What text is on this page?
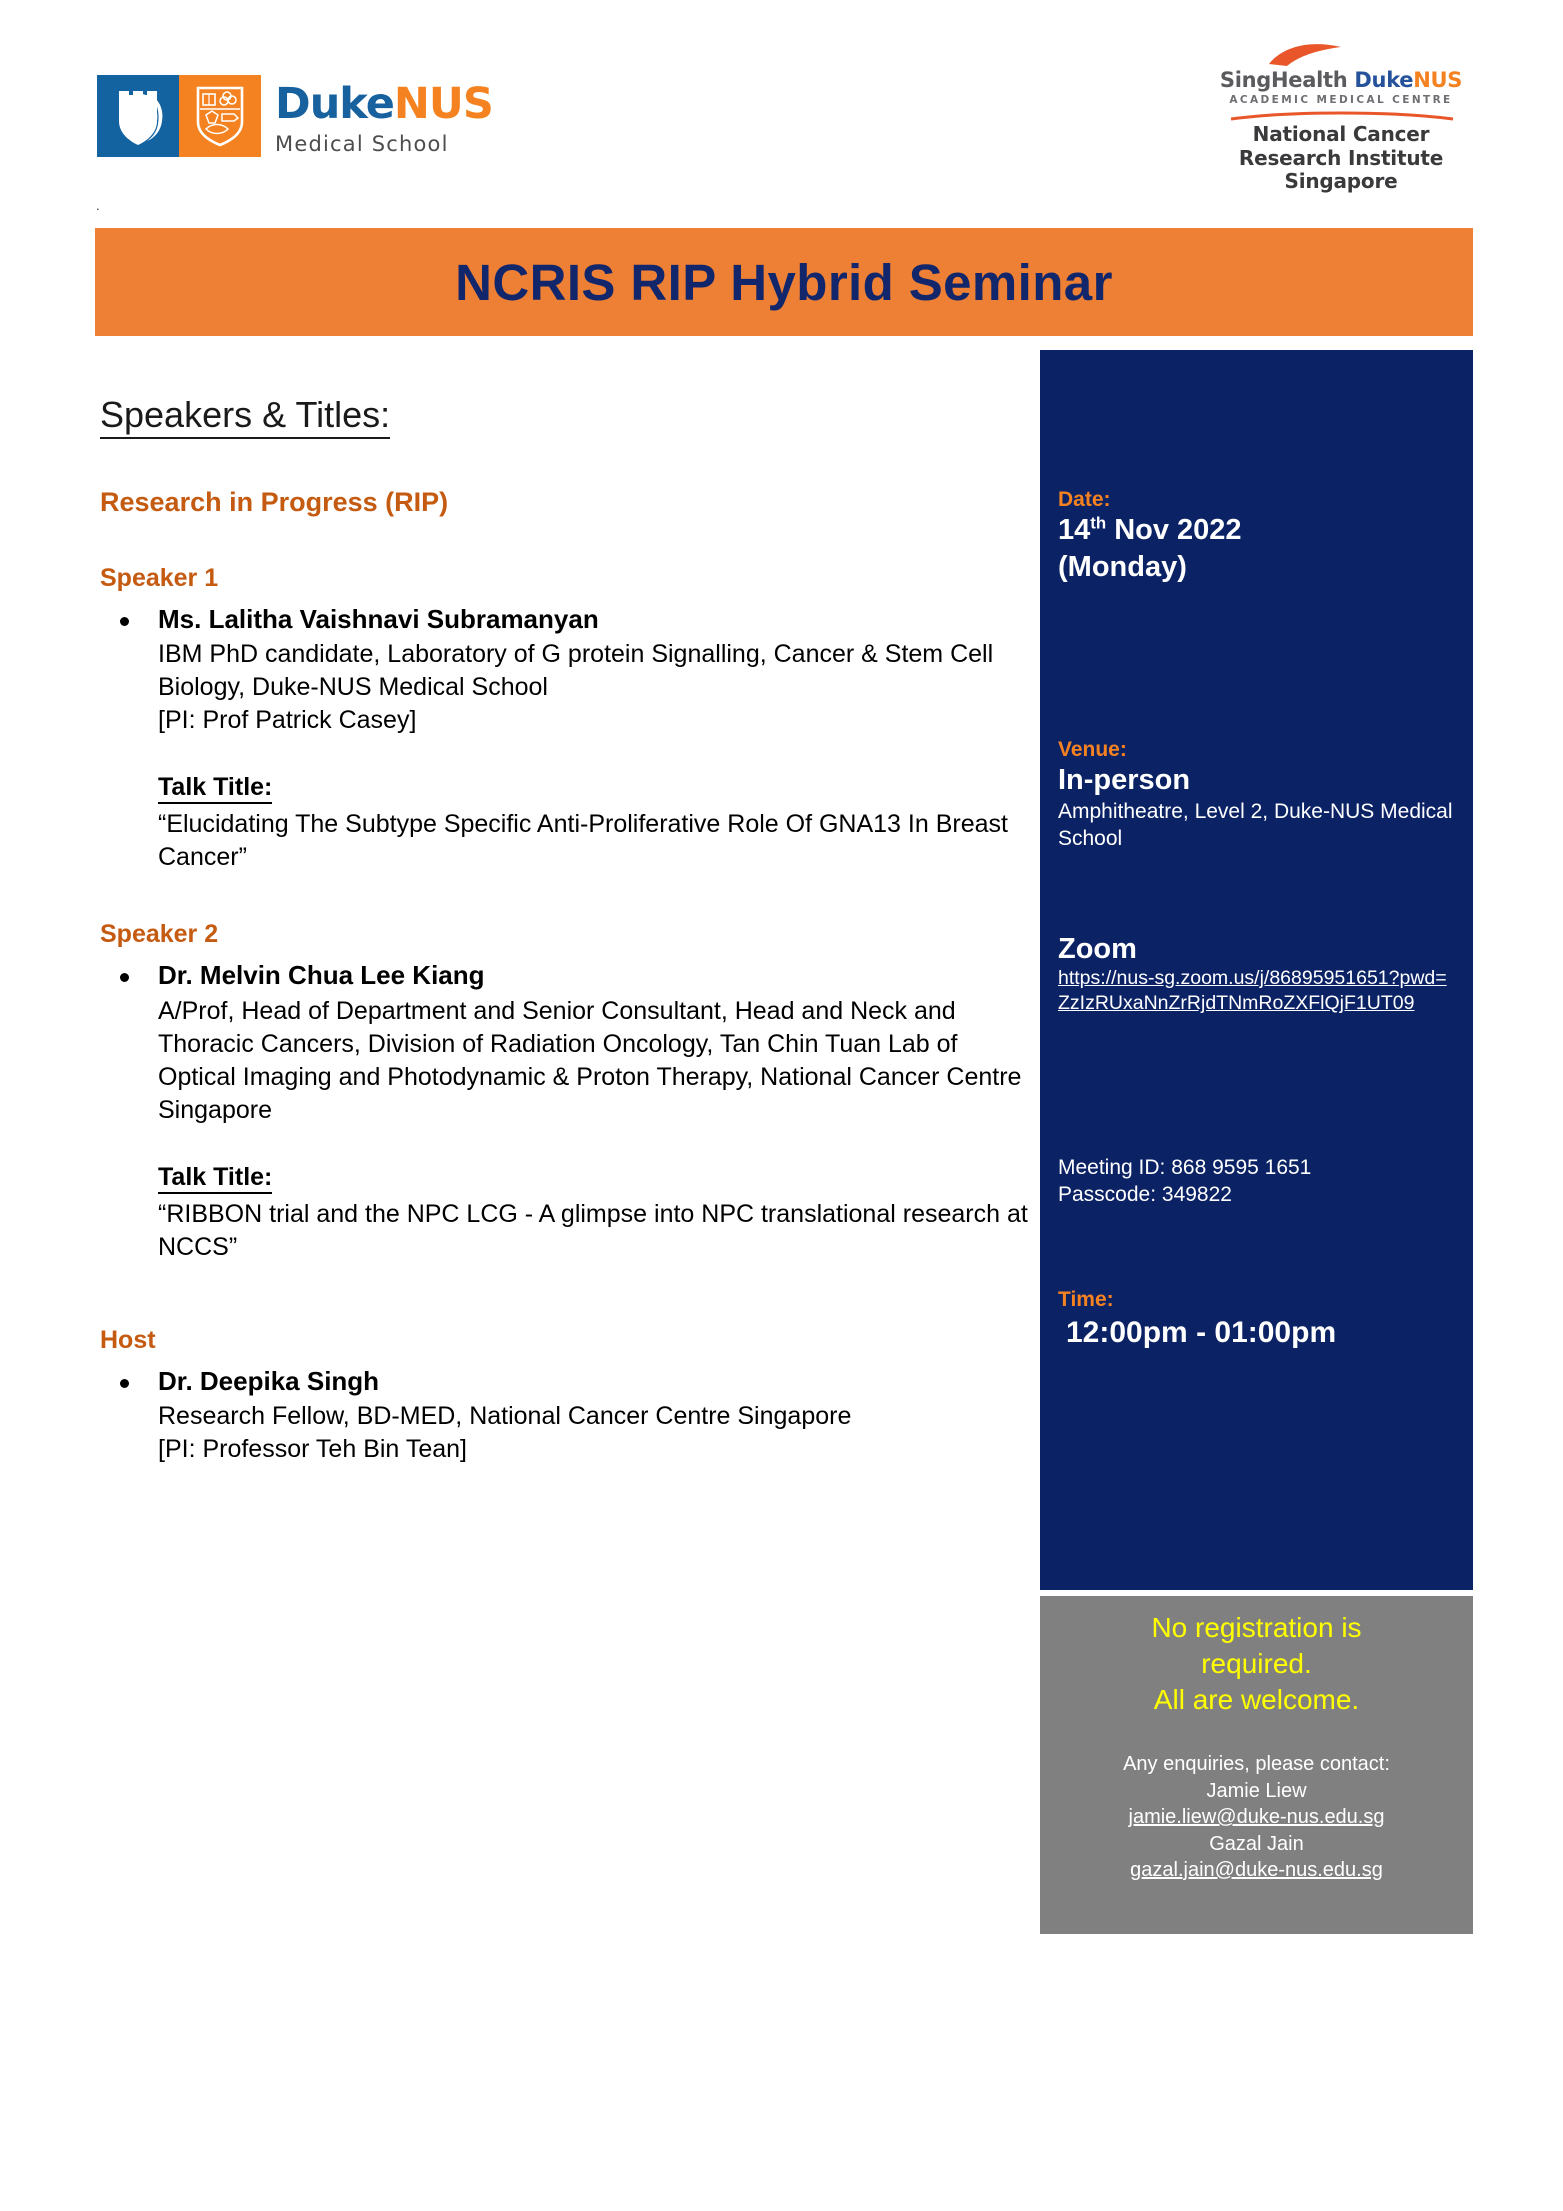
DukeNUS
Medical School
SingHealth DukeNUS
ACADEMIC MEDICAL CENTRE
National Cancer
Research Institute Singapore
.
NCRIS RIP Hybrid Seminar
Speakers & Titles:
Research in Progress (RIP)
Speaker 1
Ms. Lalitha Vaishnavi Subramanyan
IBM PhD candidate, Laboratory of G protein Signalling, Cancer & Stem Cell Biology, Duke-NUS Medical School
[PI: Prof Patrick Casey]
Talk Title:
“Elucidating The Subtype Specific Anti-Proliferative Role Of GNA13 In Breast Cancer”
Speaker 2
Dr. Melvin Chua Lee Kiang
A/Prof, Head of Department and Senior Consultant, Head and Neck and Thoracic Cancers, Division of Radiation Oncology, Tan Chin Tuan Lab of Optical Imaging and Photodynamic & Proton Therapy, National Cancer Centre Singapore
Talk Title:
“RIBBON trial and the NPC LCG - A glimpse into NPC translational research at NCCS”
Host
Dr. Deepika Singh
Research Fellow, BD-MED, National Cancer Centre Singapore
[PI: Professor Teh Bin Tean]
Date:
14th Nov 2022
(Monday)
Venue:
In-person
Amphitheatre, Level 2, Duke-NUS Medical School
Zoom
https://nus-sg.zoom.us/j/86895951651?pwd=ZzIzRUxaNnZrRjdTNmRoZXFlQjF1UT09
Meeting ID: 868 9595 1651
Passcode: 349822
Time:
12:00pm - 01:00pm
No registration is
required.
All are welcome.
Any enquiries, please contact:
Jamie Liew
jamie.liew@duke-nus.edu.sg
Gazal Jain
gazal.jain@duke-nus.edu.sg
